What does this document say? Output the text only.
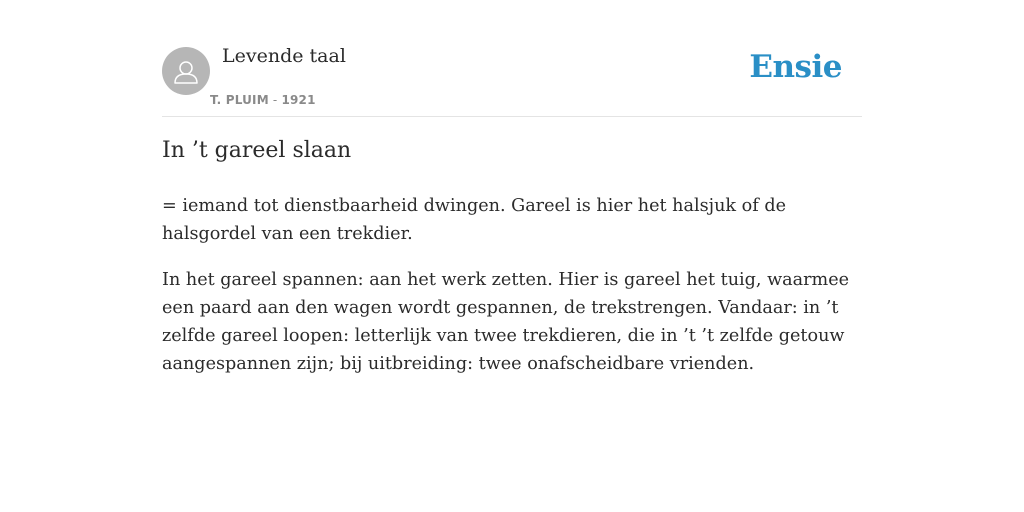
Levende taal
T. PLUIM - 1921
Ensie
In ’t gareel slaan

= iemand tot dienstbaarheid dwingen. Gareel is hier het halsjuk of de halsgordel van een trekdier.

In het gareel spannen: aan het werk zetten. Hier is gareel het tuig, waarmee een paard aan den wagen wordt gespannen, de trekstrengen. Vandaar: in ’t zelfde gareel loopen: letterlijk van twee trekdieren, die in ’t ’t zelfde getouw aangespannen zijn; bij uitbreiding: twee onafscheidbare vrienden.
